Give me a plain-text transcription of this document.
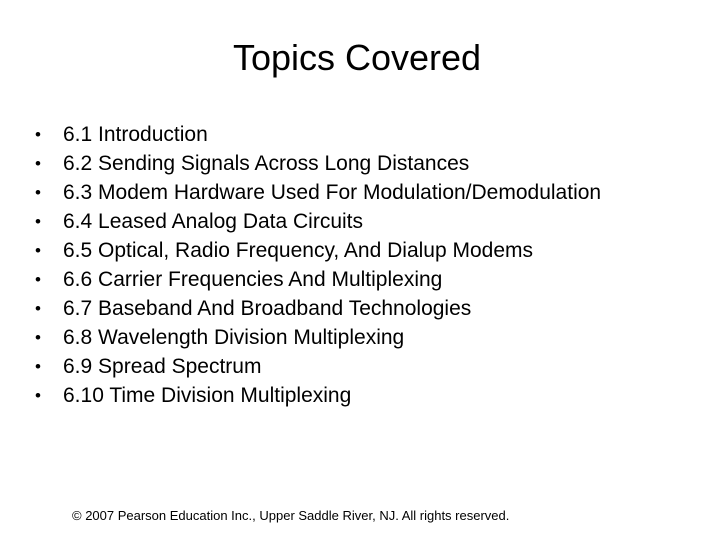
Topics Covered
•	6.1 Introduction
•	6.2 Sending Signals Across Long Distances
•	6.3 Modem Hardware Used For Modulation/Demodulation
•	6.4 Leased Analog Data Circuits
•	6.5 Optical, Radio Frequency, And Dialup Modems
•	6.6 Carrier Frequencies And Multiplexing
•	6.7 Baseband And Broadband Technologies
•	6.8 Wavelength Division Multiplexing
•	6.9 Spread Spectrum
•	6.10 Time Division Multiplexing
© 2007 Pearson Education Inc., Upper Saddle River, NJ. All rights reserved.
